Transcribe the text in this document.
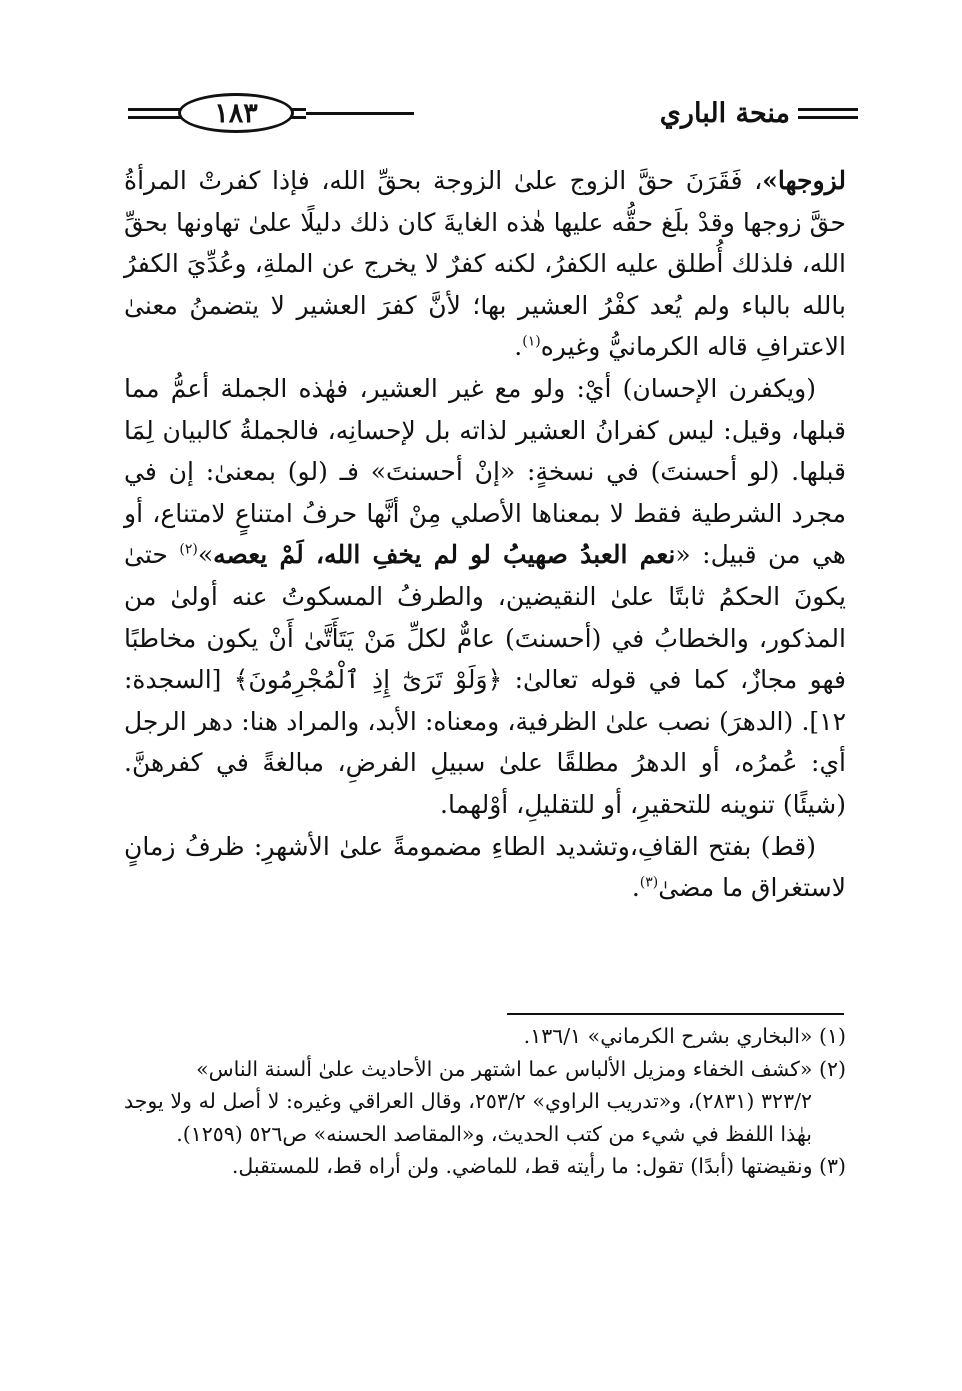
١٨٣	منحة الباري

لزوجها»، فَقَرَنَ حقَّ الزوج علىٰ الزوجة بحقِّ الله، فإذا كفرتْ المرأةُ حقَّ زوجها وقدْ بلَغ حقُّه عليها هٰذه الغايةَ كان ذلك دليلًا علىٰ تهاونها بحقِّ الله، فلذلك أُطلق عليه الكفرُ، لكنه كفرٌ لا يخرج عن الملةِ، وعُدِّيَ الكفرُ بالله بالباء ولم يُعد كفْرُ العشير بها؛ لأنَّ كفرَ العشير لا يتضمنُ معنىٰ الاعترافِ قاله الكرمانيُّ وغيره$^{(١)}$.

(ويكفرن الإحسان) أيْ: ولو مع غير العشير، فهٰذه الجملة أعمُّ مما قبلها، وقيل: ليس كفرانُ العشير لذاته بل لإحسانِه، فالجملةُ كالبيان لِمَا قبلها. (لو أحسنتَ) في نسخةٍ: «إنْ أحسنتَ» فـ (لو) بمعنىٰ: إن في مجرد الشرطية فقط لا بمعناها الأصلي مِنْ أنَّها حرفُ امتناعٍ لامتناع، أو هي من قبيل: «نعم العبدُ صهيبُ لو لم يخفِ الله، لَمْ يعصه»$^{(٢)}$ حتىٰ يكونَ الحكمُ ثابتًا علىٰ النقيضين، والطرفُ المسكوتُ عنه أولىٰ من المذكور، والخطابُ في (أحسنتَ) عامٌّ لكلِّ مَنْ يَتَأَتَّىٰ أَنْ يكون مخاطبًا فهو مجازٌ، كما في قوله تعالىٰ: ﴿وَلَوْ تَرَىٰٓ إِذِ ٱلْمُجْرِمُونَ﴾ [السجدة: ١٢]. (الدهرَ) نصب علىٰ الظرفية، ومعناه: الأبد، والمراد هنا: دهر الرجل أي: عُمرُه، أو الدهرُ مطلقًا علىٰ سبيلِ الفرضِ، مبالغةً في كفرهنَّ.(شيئًا) تنوينه للتحقيرِ، أو للتقليلِ، أوْلهما.

(قط) بفتح القافِ،وتشديد الطاءِ مضمومةً علىٰ الأشهرِ: ظرفُ زمانٍ لاستغراق ما مضىٰ$^{(٣)}$.

(١) «البخاري بشرح الكرماني» ١٣٦/١.

(٢) «كشف الخفاء ومزيل الألباس عما اشتهر من الأحاديث علىٰ ألسنة الناس»

٣٢٣/٢ (٢٨٣١)، و«تدريب الراوي» ٢٥٣/٢، وقال العراقي وغيره: لا أصل له ولا يوجد بهٰذا اللفظ في شيء من كتب الحديث، و«المقاصد الحسنه» ص٥٢٦ (١٢٥٩).

(٣) ونقيضتها (أبدًا) تقول: ما رأيته قط، للماضي. ولن أراه قط، للمستقبل.
